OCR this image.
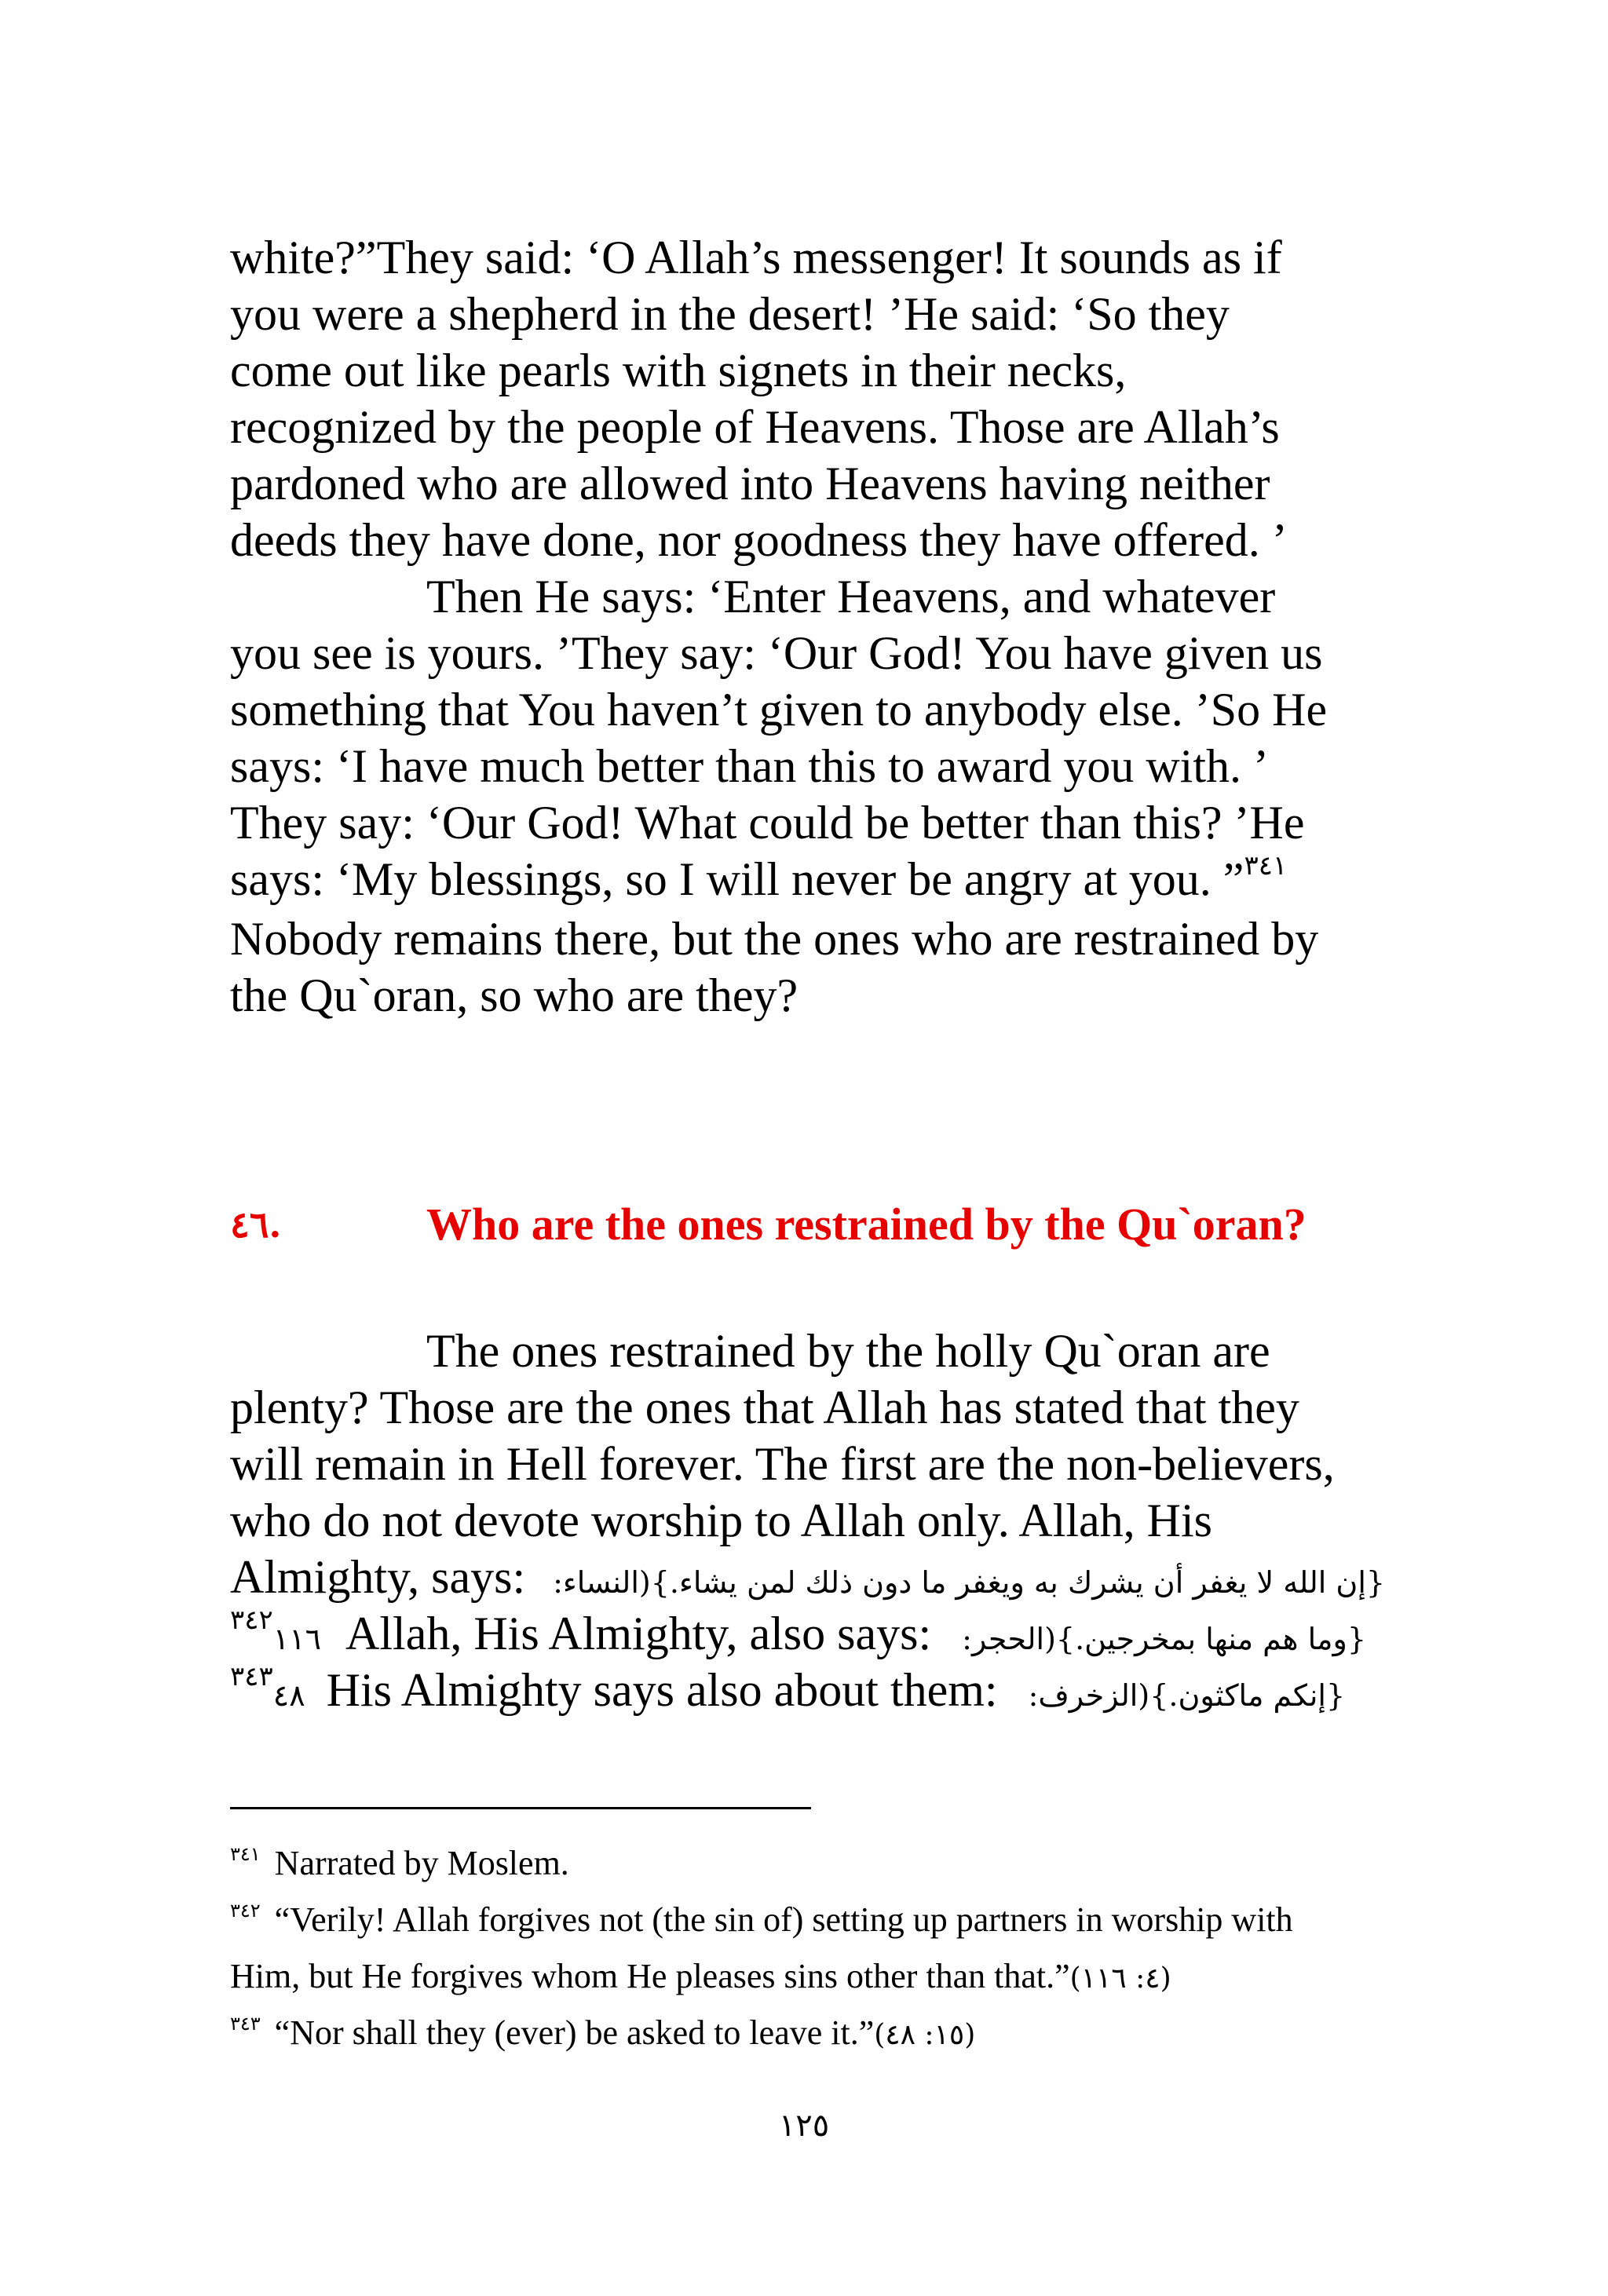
white?”They said: ‘O Allah’s messenger! It sounds as if
you were a shepherd in the desert! ’He said: ‘So they
come out like pearls with signets in their necks,
recognized by the people of Heavens. Those are Allah’s
pardoned who are allowed into Heavens having neither
deeds they have done, nor goodness they have offered. ’
Then He says: ‘Enter Heavens, and whatever
you see is yours. ’They say: ‘Our God! You have given us
something that You haven’t given to anybody else. ’So He
says: ‘I have much better than this to award you with. ’
They say: ‘Our God! What could be better than this? ’He
says: ‘My blessings, so I will never be angry at you. ”$^{٣٤١}$
Nobody remains there, but the ones who are restrained by
the Qu`oran, so who are they?
٤٦.	Who are the ones restrained by the Qu`oran?
The ones restrained by the holly Qu`oran are
plenty? Those are the ones that Allah has stated that they
will remain in Hell forever. The first are the non-believers,
who do not devote worship to Allah only. Allah, His
Almighty, says: {إن الله لا يغفر أن يشرك به ويغفر ما دون ذلك لمن يشاء.}(النساء:
$^{٣٤٢}$١١٦ Allah, His Almighty, also says: {وما هم منها بمخرجين.}(الحجر:
$^{٣٤٣}$٤٨ His Almighty says also about them: {إنكم ماكثون.}(الزخرف:
$^{٣٤١}$ Narrated by Moslem.
$^{٣٤٢}$ “Verily! Allah forgives not (the sin of) setting up partners in worship with
Him, but He forgives whom He pleases sins other than that.”(٤: ١١٦)
$^{٣٤٣}$ “Nor shall they (ever) be asked to leave it.”(١٥: ٤٨)
١٢٥
